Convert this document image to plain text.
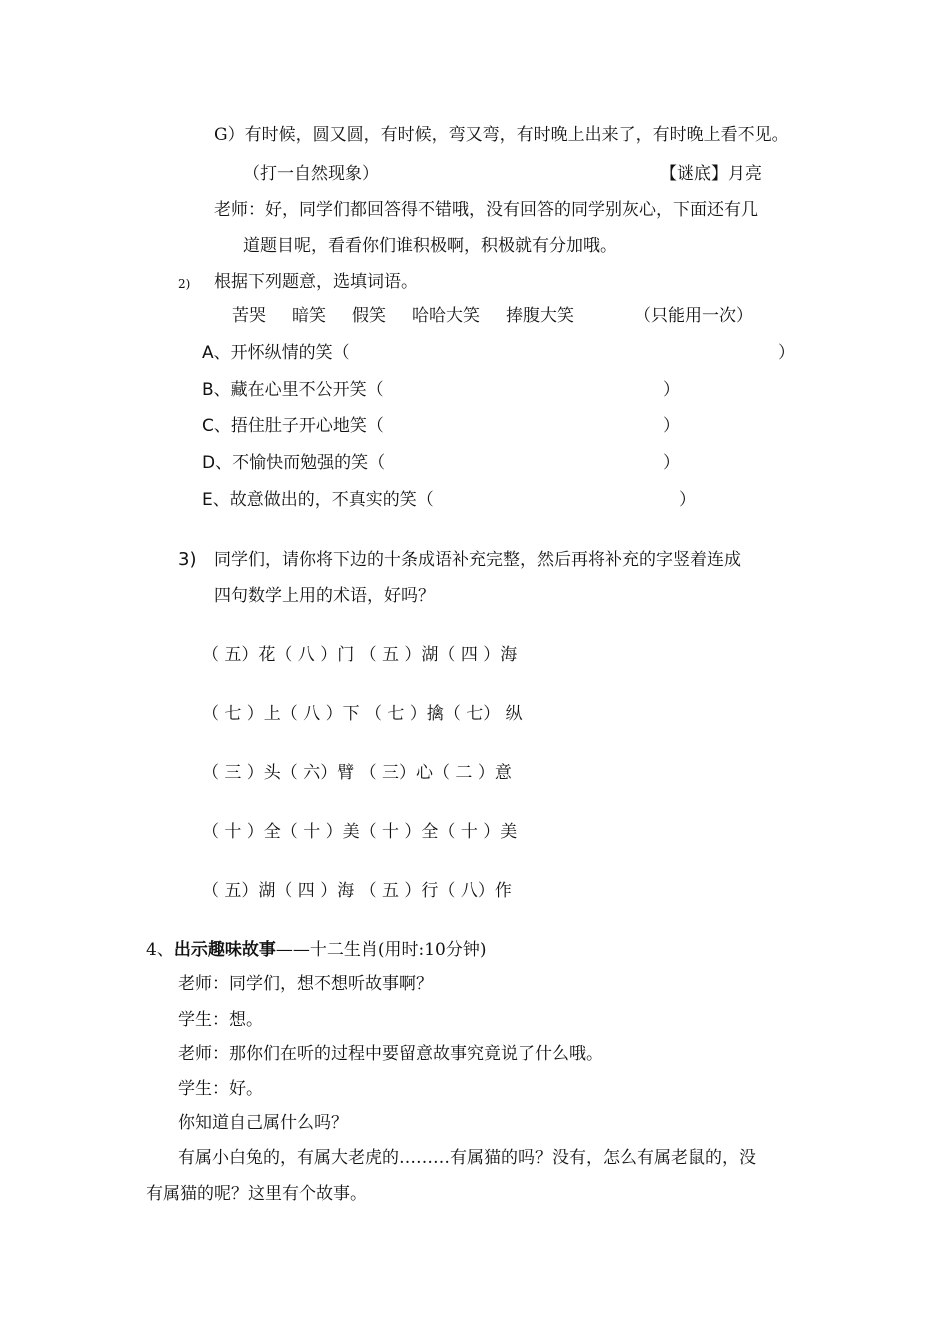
G）有时候，圆又圆，有时候，弯又弯，有时晚上出来了，有时晚上看不见。
（打一自然现象）	【谜底】月亮
老师：好，同学们都回答得不错哦，没有回答的同学别灰心，下面还有几
道题目呢，看看你们谁积极啊，积极就有分加哦。
2) 根据下列题意，选填词语。
苦哭 暗笑 假笑 哈哈大笑 捧腹大笑	（只能用一次）
A、开怀纵情的笑（	）
B、藏在心里不公开笑（	）
C、捂住肚子开心地笑（	）
D、不愉快而勉强的笑（	）
E、故意做出的，不真实的笑（	）
3) 同学们，请你将下边的十条成语补充完整，然后再将补充的字竖着连成
四句数学上用的术语，好吗？
（ 五）花（ 八 ）门 （ 五 ）湖（ 四 ）海
（ 七 ）上（ 八 ）下 （ 七 ）擒（ 七） 纵
（ 三 ）头（ 六）臂 （ 三）心（ 二 ）意
（ 十 ）全（ 十 ）美（ 十 ）全（ 十 ）美
（ 五）湖（ 四 ）海 （ 五 ）行（ 八）作
4、出示趣味故事——十二生肖(用时:10分钟)
老师：同学们，想不想听故事啊？
学生：想。
老师：那你们在听的过程中要留意故事究竟说了什么哦。
学生：好。
你知道自己属什么吗？
有属小白兔的，有属大老虎的………有属猫的吗？没有，怎么有属老鼠的，没
有属猫的呢？这里有个故事。
